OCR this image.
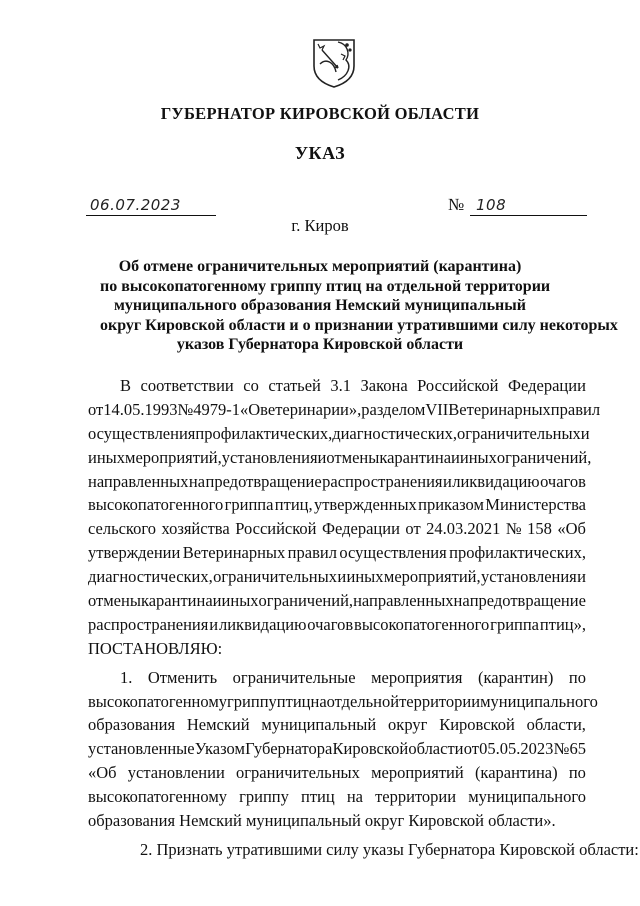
ГУБЕРНАТОР КИРОВСКОЙ ОБЛАСТИ
УКАЗ
06.07.2023	№ 108
г. Киров
Об отмене ограничительных мероприятий (карантина)
по высокопатогенному гриппу птиц на отдельной территории
муниципального образования Немский муниципальный
округ Кировской области и о признании утратившими силу некоторых
указов Губернатора Кировской области
В соответствии со статьей 3.1 Закона Российской Федерации
от 14.05.1993 № 4979-1 «О ветеринарии», разделом VII Ветеринарных правил
осуществления профилактических, диагностических, ограничительных и
иных мероприятий, установления и отмены карантина и иных ограничений,
направленных на предотвращение распространения и ликвидацию очагов
высокопатогенного гриппа птиц, утвержденных приказом Министерства
сельского хозяйства Российской Федерации от 24.03.2021 № 158 «Об
утверждении Ветеринарных правил осуществления профилактических,
диагностических, ограничительных и иных мероприятий, установления и
отмены карантина и иных ограничений, направленных на предотвращение
распространения и ликвидацию очагов высокопатогенного гриппа птиц»,
ПОСТАНОВЛЯЮ:
1. Отменить ограничительные мероприятия (карантин) по
высокопатогенному гриппу птиц на отдельной территории муниципального
образования Немский муниципальный округ Кировской области,
установленные Указом Губернатора Кировской области от 05.05.2023 № 65
«Об установлении ограничительных мероприятий (карантина) по
высокопатогенному гриппу птиц на территории муниципального
образования Немский муниципальный округ Кировской области».
2. Признать утратившими силу указы Губернатора Кировской области:
